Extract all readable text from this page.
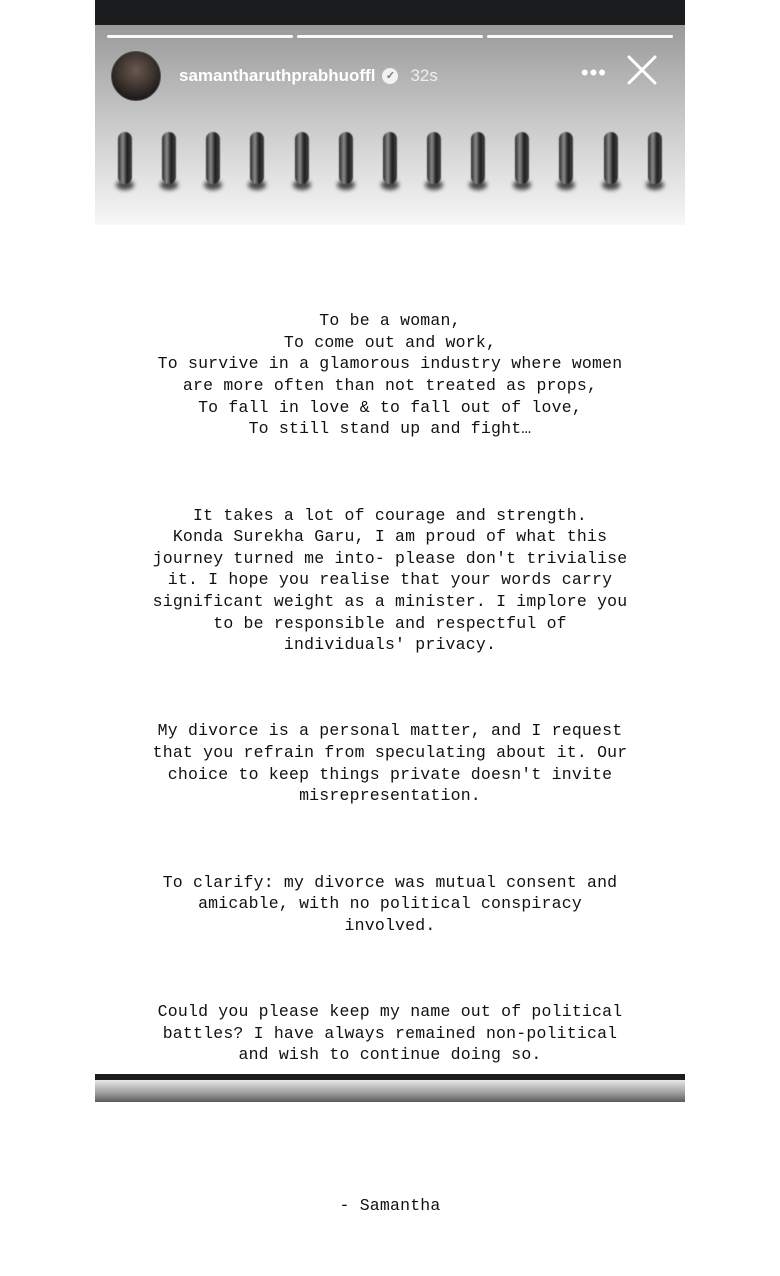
samantharuthprabhuoffl ✓ 32s	•••

To be a woman,
To come out and work,
To survive in a glamorous industry where women
are more often than not treated as props,
To fall in love & to fall out of love,
To still stand up and fight…

It takes a lot of courage and strength.
Konda Surekha Garu, I am proud of what this
journey turned me into- please don't trivialise
it. I hope you realise that your words carry
significant weight as a minister. I implore you
to be responsible and respectful of
individuals' privacy.

My divorce is a personal matter, and I request
that you refrain from speculating about it. Our
choice to keep things private doesn't invite
misrepresentation.

To clarify: my divorce was mutual consent and
amicable, with no political conspiracy
involved.

Could you please keep my name out of political
battles? I have always remained non-political
and wish to continue doing so.

- Samantha
